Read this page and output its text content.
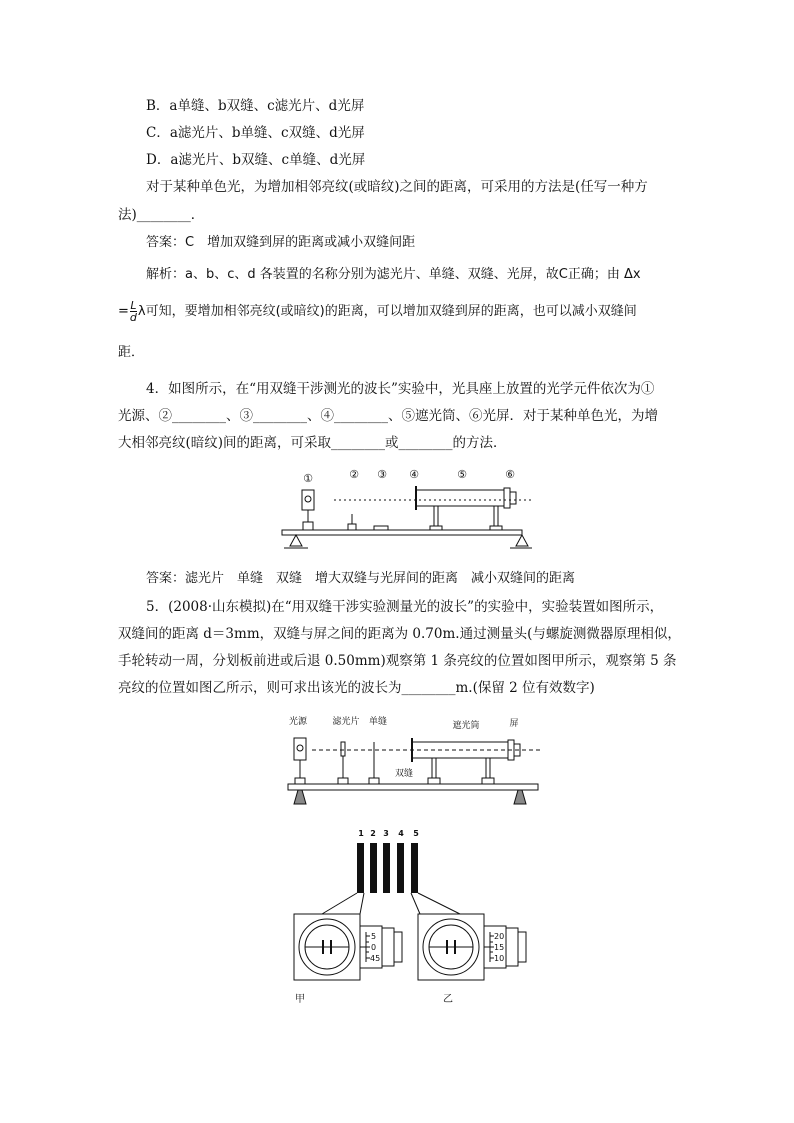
B．a单缝、b双缝、c滤光片、d光屏
C．a滤光片、b单缝、c双缝、d光屏
D．a滤光片、b双缝、c单缝、d光屏
对于某种单色光，为增加相邻亮纹(或暗纹)之间的距离，可采用的方法是(任写一种方
法)________．
答案：C　增加双缝到屏的距离或减小双缝间距
解析：a、b、c、d 各装置的名称分别为滤光片、单缝、双缝、光屏，故C正确；由 Δx
= $\frac{L}{d}$ λ可知，要增加相邻亮纹(或暗纹)的距离，可以增加双缝到屏的距离，也可以减小双缝间
距．
4．如图所示，在“用双缝干涉测光的波长”实验中，光具座上放置的光学元件依次为①
光源、②________、③________、④________、⑤遮光筒、⑥光屏．对于某种单色光，为增
大相邻亮纹(暗纹)间的距离，可采取________或________的方法．
①	② ③ ④	⑤	⑥
答案：滤光片　单缝　双缝　增大双缝与光屏间的距离　减小双缝间的距离
5．(2008·山东模拟)在“用双缝干涉实验测量光的波长”的实验中，实验装置如图所示，
双缝间的距离 d＝3mm，双缝与屏之间的距离为 0.70m.通过测量头(与螺旋测微器原理相似，
手轮转动一周，分划板前进或后退 0.50mm)观察第 1 条亮纹的位置如图甲所示，观察第 5 条
亮纹的位置如图乙所示，则可求出该光的波长为________m.(保留 2 位有效数字)
光源	滤光片 单缝	遮光筒	屏
双缝
1 2 3 4 5
5
0
45
20
15
10
甲	乙
